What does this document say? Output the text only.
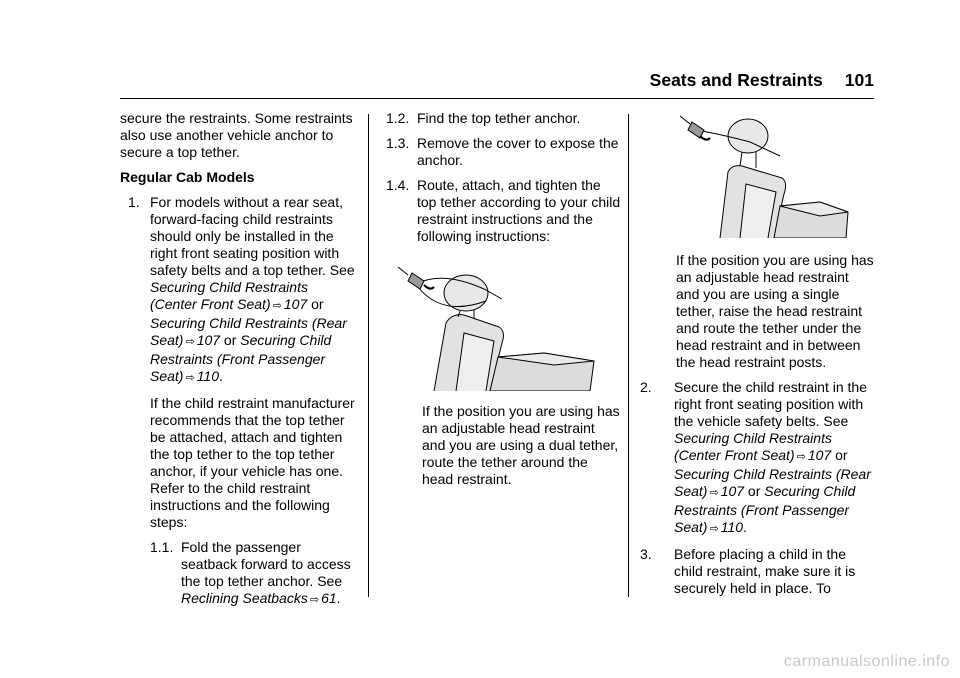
Seats and Restraints 101

secure the restraints. Some restraints also use another vehicle anchor to secure a top tether.

Regular Cab Models

1. For models without a rear seat, forward-facing child restraints should only be installed in the right front seating position with safety belts and a top tether. See Securing Child Restraints (Center Front Seat) ⇨ 107 or Securing Child Restraints (Rear Seat) ⇨ 107 or Securing Child Restraints (Front Passenger Seat) ⇨ 110.

If the child restraint manufacturer recommends that the top tether be attached, attach and tighten the top tether to the top tether anchor, if your vehicle has one. Refer to the child restraint instructions and the following steps:

1.1. Fold the passenger seatback forward to access the top tether anchor. See Reclining Seatbacks ⇨ 61.
1.2. Find the top tether anchor.
1.3. Remove the cover to expose the anchor.
1.4. Route, attach, and tighten the top tether according to your child restraint instructions and the following instructions:

If the position you are using has an adjustable head restraint and you are using a dual tether, route the tether around the head restraint.

If the position you are using has an adjustable head restraint and you are using a single tether, raise the head restraint and route the tether under the head restraint and in between the head restraint posts.

2.	Secure the child restraint in the right front seating position with the vehicle safety belts. See Securing Child Restraints (Center Front Seat) ⇨ 107 or Securing Child Restraints (Rear Seat) ⇨ 107 or Securing Child Restraints (Front Passenger Seat) ⇨ 110.
3.	Before placing a child in the child restraint, make sure it is securely held in place. To
carmanualsonline.info
